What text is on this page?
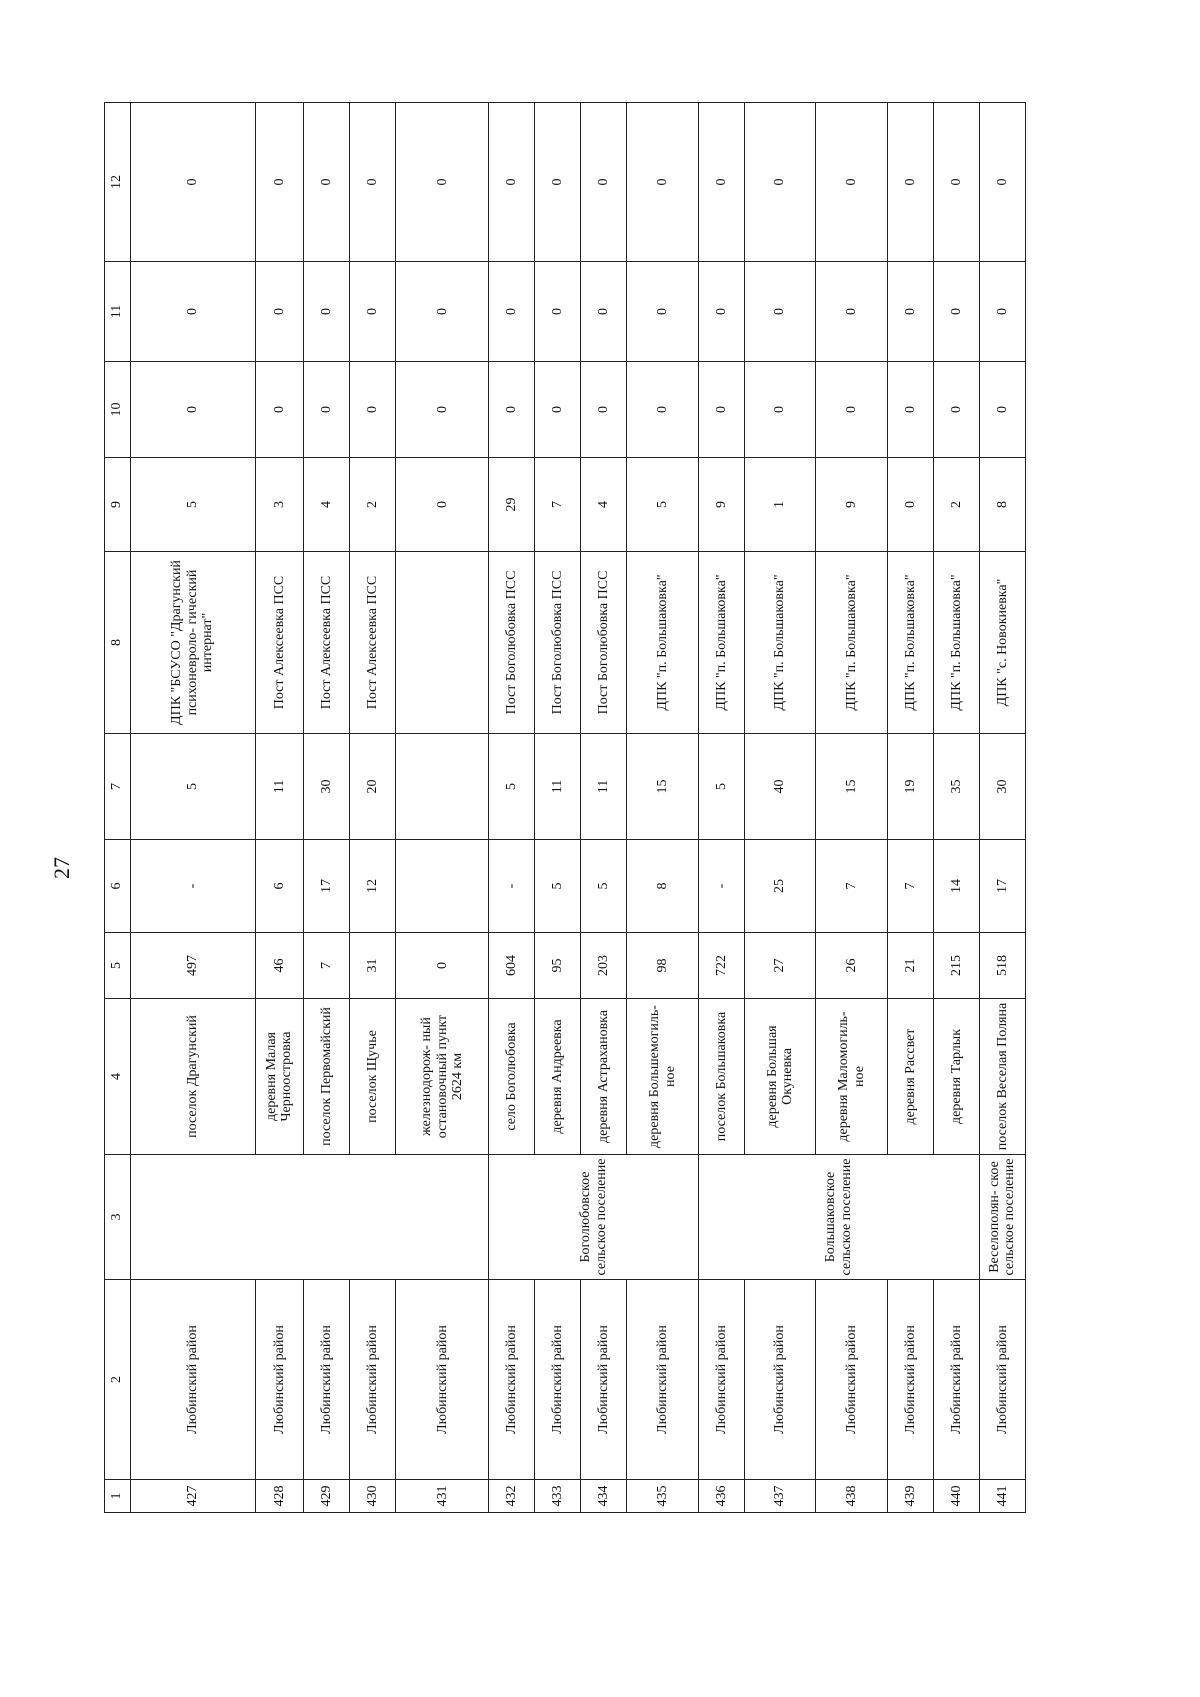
27
1	2	3	4	5	6	7	8	9	10	11	12
427	Любинский район		поселок Драгунский	497	-	5	ДПК "БСУСО "Драгунский психоневроло- гический интернат"	5	0	0	0
428	Любинский район		деревня Малая Черноостровка	46	6	11	Пост Алексеевка ПСС	3	0	0	0
429	Любинский район		поселок Первомайский	7	17	30	Пост Алексеевка ПСС	4	0	0	0
430	Любинский район		поселок Щучье	31	12	20	Пост Алексеевка ПСС	2	0	0	0
431	Любинский район		железнодорож- ный остановочный пункт 2624 км	0				0	0	0	0
432	Любинский район	Боголюбовское сельское поселение	село Боголюбовка	604	-	5	Пост Боголюбовка ПСС	29	0	0	0
433	Любинский район		деревня Андреевка	95	5	11	Пост Боголюбовка ПСС	7	0	0	0
434	Любинский район		деревня Астрахановка	203	5	11	Пост Боголюбовка ПСС	4	0	0	0
435	Любинский район		деревня Большемогиль- ное	98	8	15	ДПК "п. Большаковка"	5	0	0	0
436	Любинский район	Большаковское сельское поселение	поселок Большаковка	722	-	5	ДПК "п. Большаковка"	9	0	0	0
437	Любинский район		деревня Большая Окуневка	27	25	40	ДПК "п. Большаковка"	1	0	0	0
438	Любинский район		деревня Маломогиль- ное	26	7	15	ДПК "п. Большаковка"	9	0	0	0
439	Любинский район		деревня Рассвет	21	7	19	ДПК "п. Большаковка"	0	0	0	0
440	Любинский район		деревня Тарлык	215	14	35	ДПК "п. Большаковка"	2	0	0	0
441	Любинский район	Веселополян- ское сельское поселение	поселок Веселая Поляна	518	17	30	ДПК "с. Новокиевка"	8	0	0	0
